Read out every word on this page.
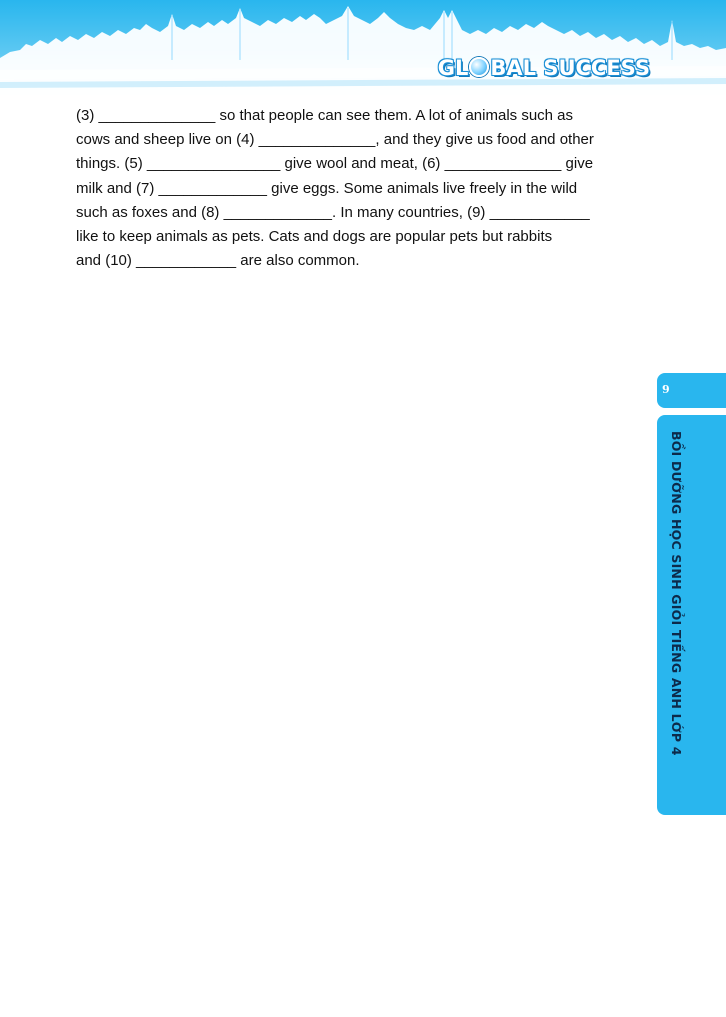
GL BAL SUCCESS

(3) ______________ so that people can see them. A lot of animals such as

cows and sheep live on (4) ______________, and they give us food and other

things. (5) ________________ give wool and meat, (6) ______________ give

milk and (7) _____________ give eggs. Some animals live freely in the wild

such as foxes and (8) _____________. In many countries, (9) ____________

like to keep animals as pets. Cats and dogs are popular pets but rabbits

and (10) ____________ are also common.

9
BỒI DƯỠNG HỌC SINH GIỎI TIẾNG ANH LỚP 4
